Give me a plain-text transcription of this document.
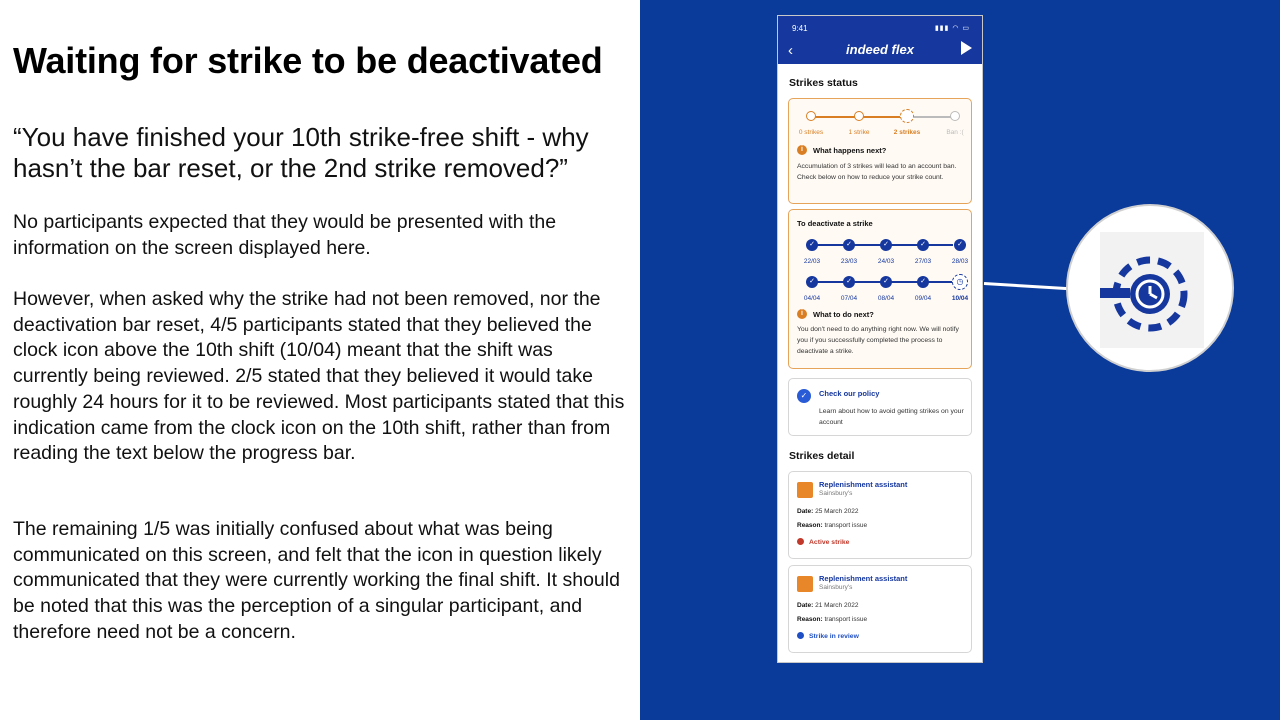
Waiting for strike to be deactivated

“You have finished your 10th strike-free shift - why hasn’t the bar reset, or the 2nd strike removed?”

No participants expected that they would be presented with the information on the screen displayed here.

However, when asked why the strike had not been removed, nor the deactivation bar reset, 4/5 participants stated that they believed the clock icon above the 10th shift (10/04) meant that the shift was currently being reviewed. 2/5 stated that they believed it would take roughly 24 hours for it to be reviewed. Most participants stated that this indication came from the clock icon on the 10th shift, rather than from reading the text below the progress bar.

The remaining 1/5 was initially confused about what was being communicated on this screen, and felt that the icon in question likely communicated that they were currently working the final shift. It should be noted that this was the perception of a singular participant, and therefore need not be a concern.

9:41	▮▮▮ ◠ ▭
‹	indeed flex
Strikes status
0 strikes	1 strike	2 strikes	Ban :(
i	What happens next?
Accumulation of 3 strikes will lead to an account ban. Check below on how to reduce your strike count.
To deactivate a strike
✓	✓	✓	✓	✓
22/03	23/03	24/03	27/03	28/03
✓	✓	✓	✓	◷
04/04	07/04	08/04	09/04	10/04
i	What to do next?
You don't need to do anything right now. We will notify you if you successfully completed the process to deactivate a strike.
✓	Check our policy
Learn about how to avoid getting strikes on your account
Strikes detail
Replenishment assistant
Sainsbury's
Date: 25 March 2022
Reason: transport issue
Active strike
Replenishment assistant
Sainsbury's
Date: 21 March 2022
Reason: transport issue
Strike in review
